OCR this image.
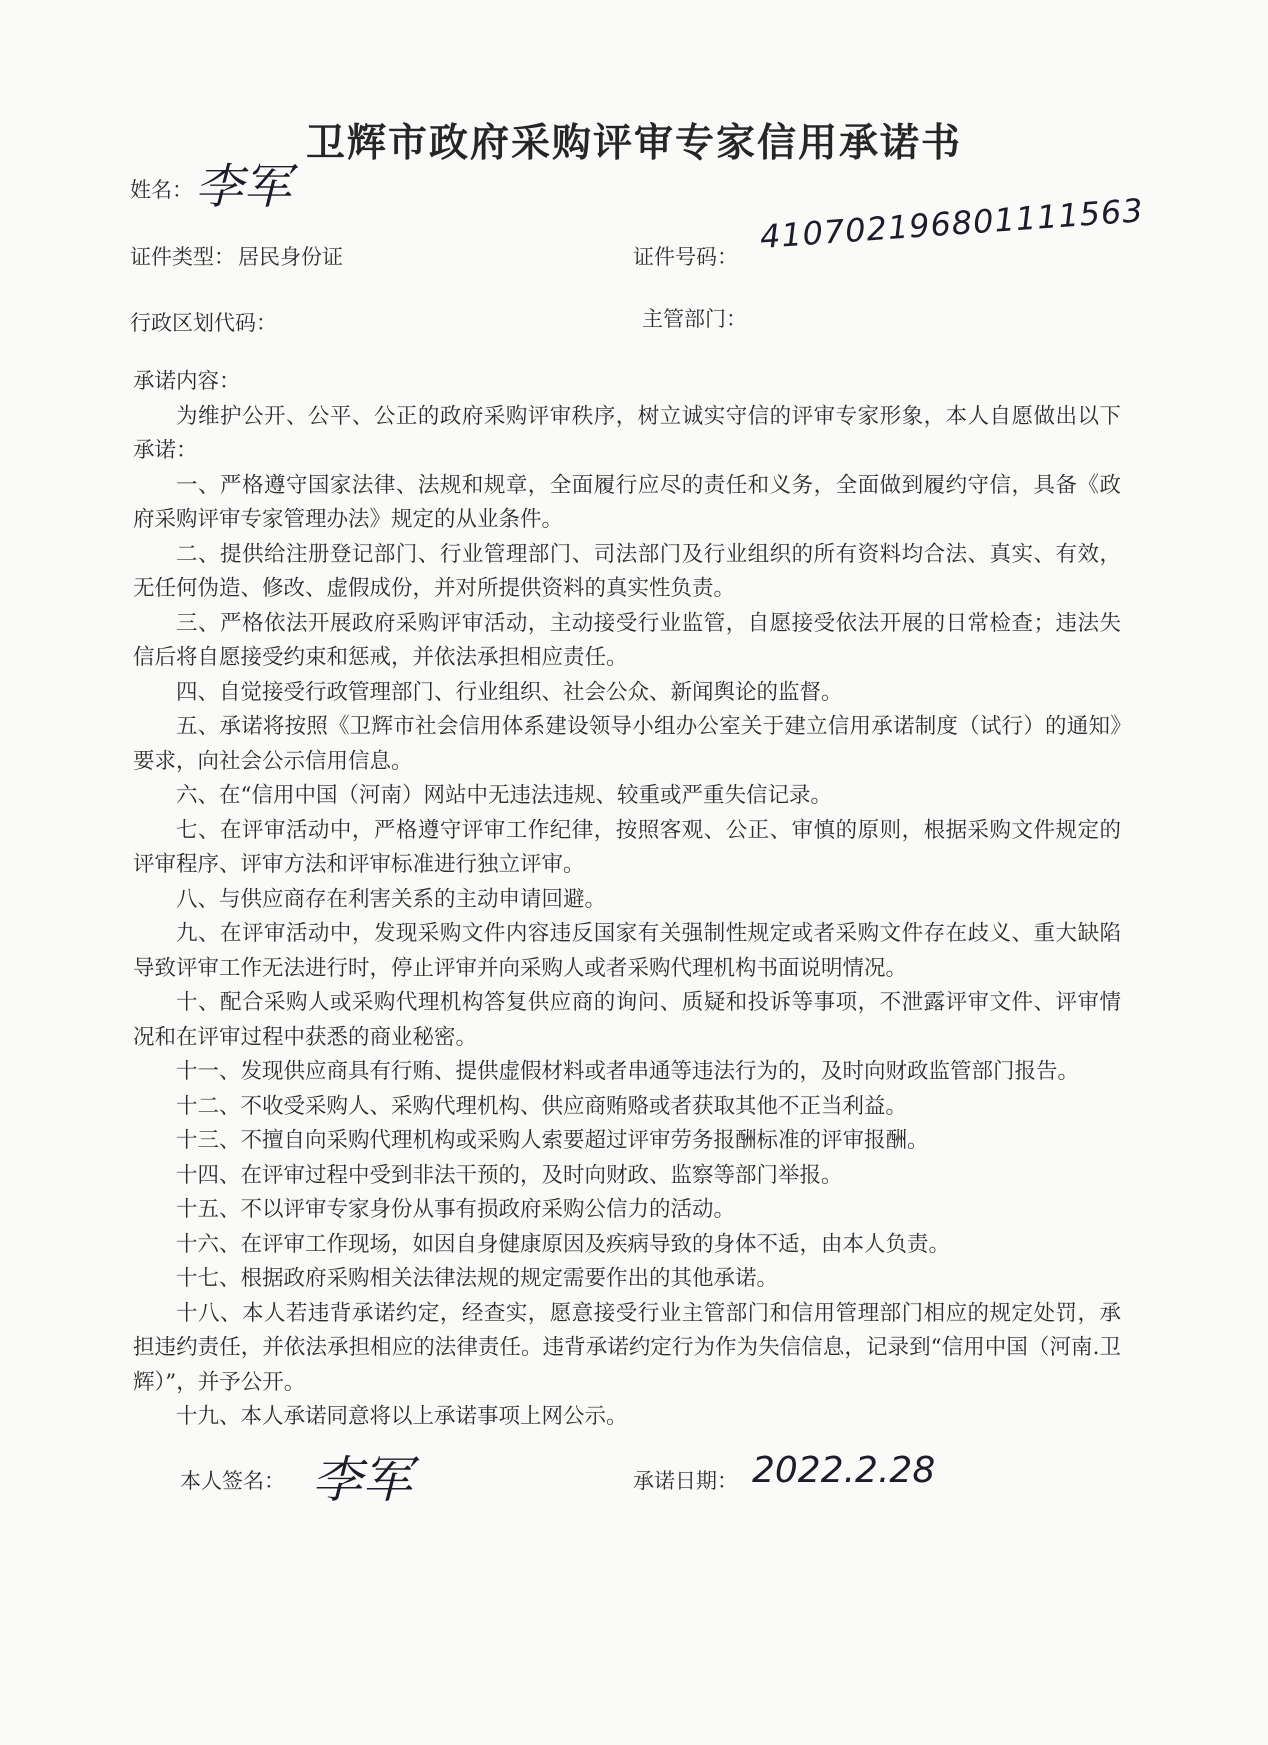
卫辉市政府采购评审专家信用承诺书
姓名： 李军
证件类型： 居民身份证	证件号码：
410702196801111563
行政区划代码：	主管部门：

承诺内容：

为维护公开、公平、公正的政府采购评审秩序，树立诚实守信的评审专家形象，本人自愿做出以下承诺：

一、严格遵守国家法律、法规和规章，全面履行应尽的责任和义务，全面做到履约守信，具备《政府采购评审专家管理办法》规定的从业条件。

二、提供给注册登记部门、行业管理部门、司法部门及行业组织的所有资料均合法、真实、有效，无任何伪造、修改、虚假成份，并对所提供资料的真实性负责。

三、严格依法开展政府采购评审活动，主动接受行业监管，自愿接受依法开展的日常检查；违法失信后将自愿接受约束和惩戒，并依法承担相应责任。

四、自觉接受行政管理部门、行业组织、社会公众、新闻舆论的监督。

五、承诺将按照《卫辉市社会信用体系建设领导小组办公室关于建立信用承诺制度（试行）的通知》要求，向社会公示信用信息。

六、在“信用中国（河南）网站中无违法违规、较重或严重失信记录。

七、在评审活动中，严格遵守评审工作纪律，按照客观、公正、审慎的原则，根据采购文件规定的评审程序、评审方法和评审标准进行独立评审。

八、与供应商存在利害关系的主动申请回避。

九、在评审活动中，发现采购文件内容违反国家有关强制性规定或者采购文件存在歧义、重大缺陷导致评审工作无法进行时，停止评审并向采购人或者采购代理机构书面说明情况。

十、配合采购人或采购代理机构答复供应商的询问、质疑和投诉等事项，不泄露评审文件、评审情况和在评审过程中获悉的商业秘密。

十一、发现供应商具有行贿、提供虚假材料或者串通等违法行为的，及时向财政监管部门报告。

十二、不收受采购人、采购代理机构、供应商贿赂或者获取其他不正当利益。

十三、不擅自向采购代理机构或采购人索要超过评审劳务报酬标准的评审报酬。

十四、在评审过程中受到非法干预的，及时向财政、监察等部门举报。

十五、不以评审专家身份从事有损政府采购公信力的活动。

十六、在评审工作现场，如因自身健康原因及疾病导致的身体不适，由本人负责。

十七、根据政府采购相关法律法规的规定需要作出的其他承诺。

十八、本人若违背承诺约定，经查实，愿意接受行业主管部门和信用管理部门相应的规定处罚，承担违约责任，并依法承担相应的法律责任。违背承诺约定行为作为失信信息，记录到“信用中国（河南.卫辉）”，并予公开。

十九、本人承诺同意将以上承诺事项上网公示。

本人签名： 李军	承诺日期： 2022.2.28
